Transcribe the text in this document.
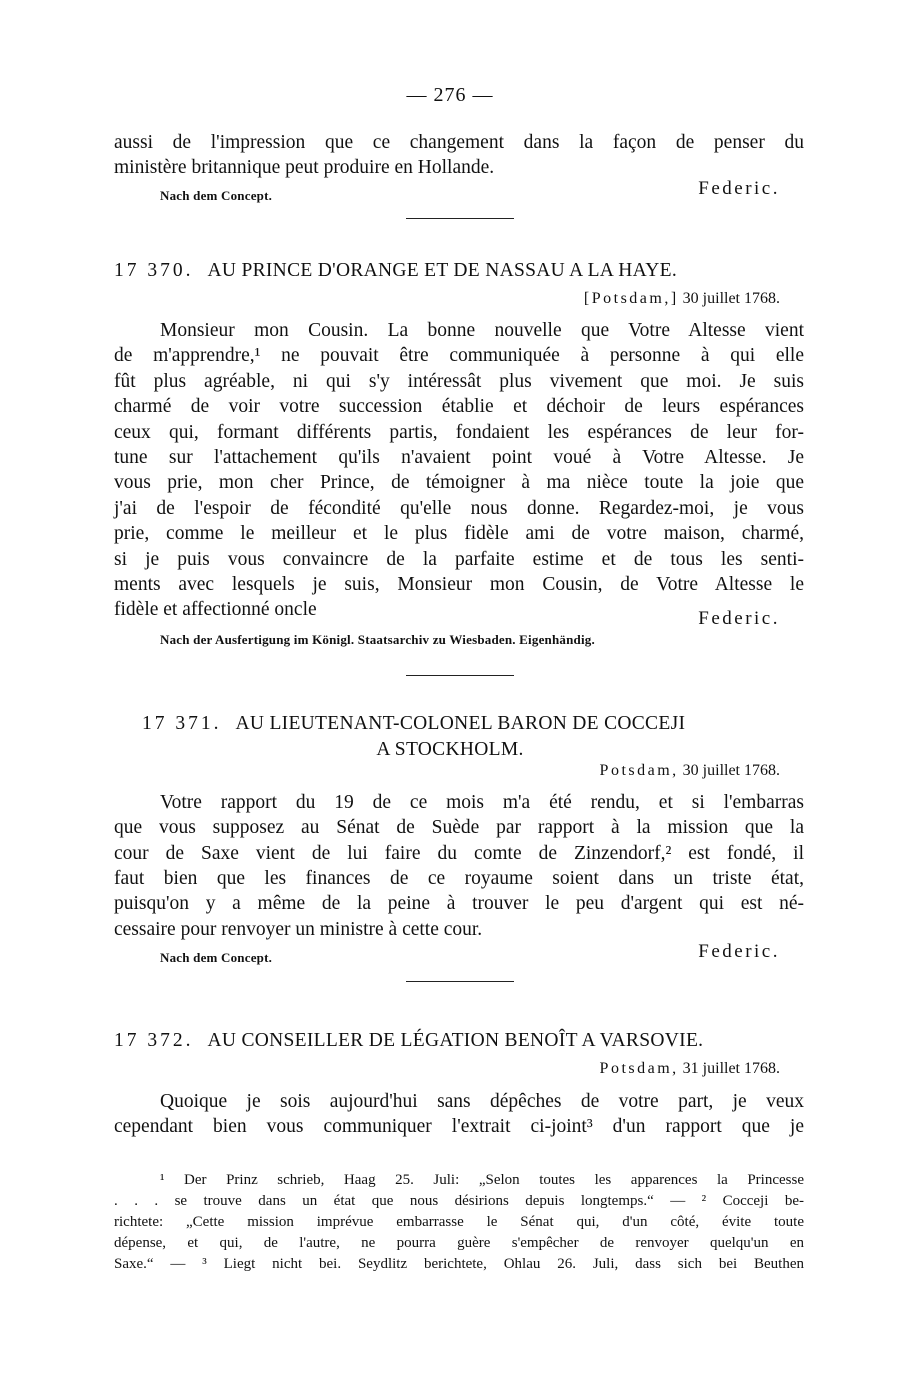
— 276 —
aussi de l'impression que ce changement dans la façon de penser du
ministère britannique peut produire en Hollande.
Nach dem Concept.	Federic.
17 370. AU PRINCE D'ORANGE ET DE NASSAU A LA HAYE.
[Potsdam,] 30 juillet 1768.
Monsieur mon Cousin. La bonne nouvelle que Votre Altesse vient
de m'apprendre,¹ ne pouvait être communiquée à personne à qui elle
fût plus agréable, ni qui s'y intéressât plus vivement que moi. Je suis
charmé de voir votre succession établie et déchoir de leurs espérances
ceux qui, formant différents partis, fondaient les espérances de leur for-
tune sur l'attachement qu'ils n'avaient point voué à Votre Altesse. Je
vous prie, mon cher Prince, de témoigner à ma nièce toute la joie que
j'ai de l'espoir de fécondité qu'elle nous donne. Regardez-moi, je vous
prie, comme le meilleur et le plus fidèle ami de votre maison, charmé,
si je puis vous convaincre de la parfaite estime et de tous les senti-
ments avec lesquels je suis, Monsieur mon Cousin, de Votre Altesse le
fidèle et affectionné oncle	Federic.
Nach der Ausfertigung im Königl. Staatsarchiv zu Wiesbaden. Eigenhändig.
17 371. AU LIEUTENANT-COLONEL BARON DE COCCEJI
A STOCKHOLM.
Potsdam, 30 juillet 1768.
Votre rapport du 19 de ce mois m'a été rendu, et si l'embarras
que vous supposez au Sénat de Suède par rapport à la mission que la
cour de Saxe vient de lui faire du comte de Zinzendorf,² est fondé, il
faut bien que les finances de ce royaume soient dans un triste état,
puisqu'on y a même de la peine à trouver le peu d'argent qui est né-
cessaire pour renvoyer un ministre à cette cour.
Nach dem Concept.	Federic.
17 372. AU CONSEILLER DE LÉGATION BENOÎT A VARSOVIE.
Potsdam, 31 juillet 1768.
Quoique je sois aujourd'hui sans dépêches de votre part, je veux
cependant bien vous communiquer l'extrait ci-joint³ d'un rapport que je
¹ Der Prinz schrieb, Haag 25. Juli: „Selon toutes les apparences la Princesse
. . . se trouve dans un état que nous désirions depuis longtemps.“ — ² Cocceji be-
richtete: „Cette mission imprévue embarrasse le Sénat qui, d'un côté, évite toute
dépense, et qui, de l'autre, ne pourra guère s'empêcher de renvoyer quelqu'un en
Saxe.“ — ³ Liegt nicht bei. Seydlitz berichtete, Ohlau 26. Juli, dass sich bei Beuthen
